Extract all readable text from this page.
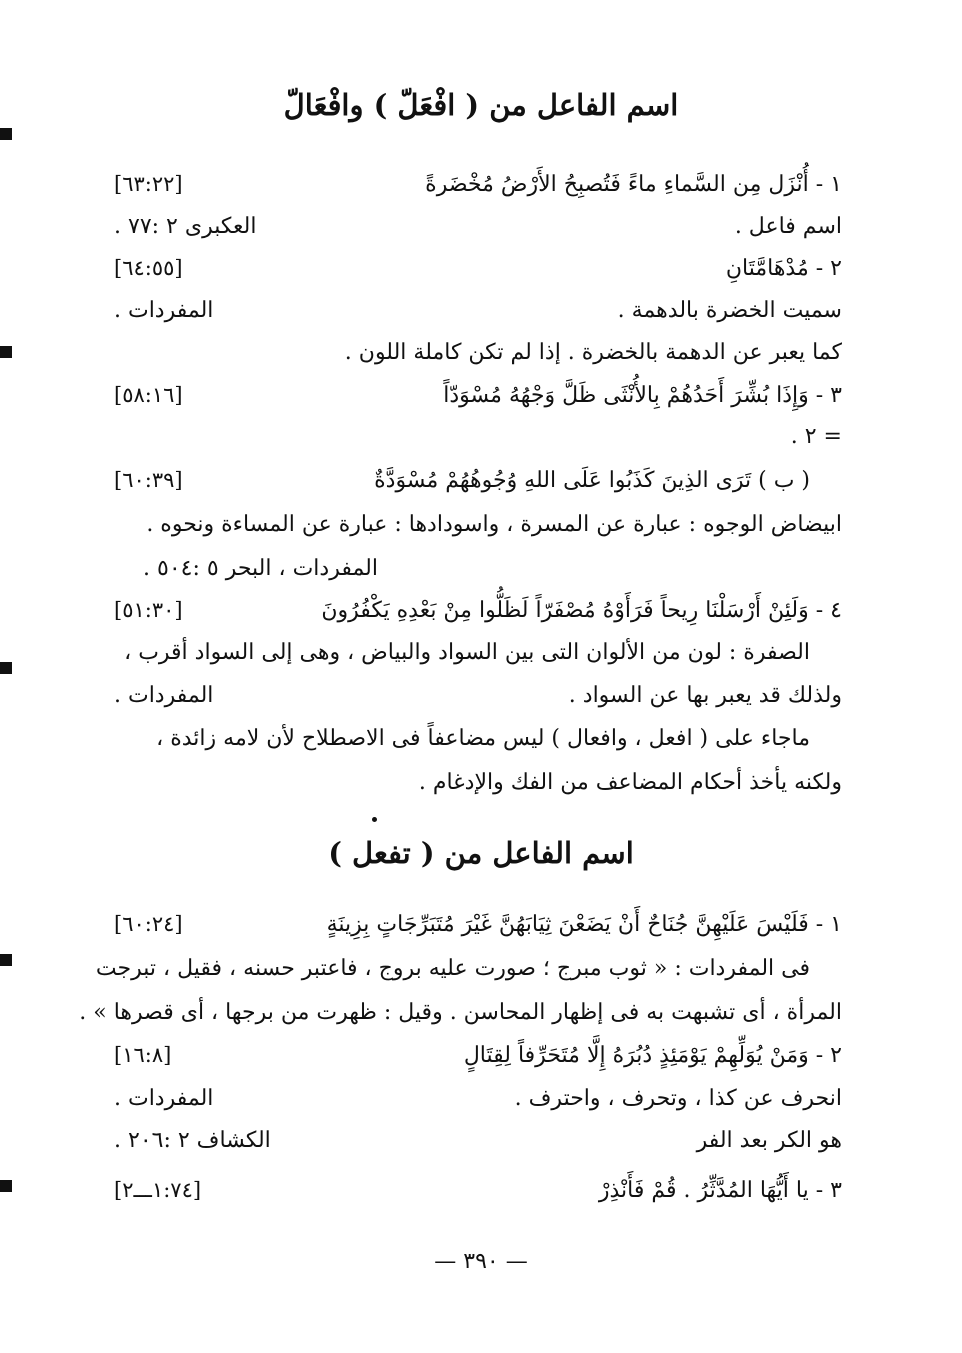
اسم الفاعل من ( افْعَلّ ) وافْعَالّ
١ - أُنْزَل مِن السَّماءِ ماءً فَتُصبِحُ الأَرْضُ مُخْضَرةً
[٦٣:٢٢]
اسم فاعل .
العكبرى ٢ :٧٧ .
٢ - مُدْهَامَّتَانِ
[٦٤:٥٥]
سميت الخضرة بالدهمة .
المفردات .
كما يعبر عن الدهمة بالخضرة . إذا لم تكن كاملة اللون .
٣ - وَإِذَا بُشِّرَ أَحَدُهُمْ بِالأُنْثَى ظَلَّ وَجْهُهُ مُسْوَدّاً
[٥٨:١٦]
= ٢ .
( ب ) تَرَى الذِينَ كَذَبُوا عَلَى اللهِ وُجُوهُهُمْ مُسْوَدَّةٌ
[٦٠:٣٩]
ابيضاض الوجوه : عبارة عن المسرة ، واسودادها : عبارة عن المساءة ونحوه .
المفردات ، البحر ٥ :٥٠٤ .
٤ - وَلَئِنْ أَرْسَلْنَا رِيحاً فَرَأَوْهُ مُصْفَرّاً لَظَلُّوا مِنْ بَعْدِهِ يَكْفُرُونَ
[٥١:٣٠]
الصفرة : لون من الألوان التى بين السواد والبياض ، وهى إلى السواد أقرب ،
ولذلك قد يعبر بها عن السواد .
المفردات .
ماجاء على ( افعل ، وافعال ) ليس مضاعفاً فى الاصطلاح لأن لامه زائدة ،
ولكنه يأخذ أحكام المضاعف من الفك والإدغام .
اسم الفاعل من ( تفعل )
١ - فَلَيْسَ عَلَيْهِنَّ جُنَاحٌ أَنْ يَضَعْنَ ثِيَابَهُنَّ غَيْرَ مُتَبَرِّجَاتٍ بِزِينَةٍ
[٦٠:٢٤]
فى المفردات : « ثوب مبرج ؛ صورت عليه بروج ، فاعتبر حسنه ، فقيل ، تبرجت
المرأة ، أى تشبهت به فى إظهار المحاسن . وقيل : ظهرت من برجها ، أى قصرها » .
٢ - وَمَنْ يُوَلِّهِمْ يَوْمَئِذٍ دُبُرَهُ إِلَّا مُتَحَرِّفاً لِقِتَالٍ
[١٦:٨]
انحرف عن كذا ، وتحرف ، واحترف .
المفردات .
هو الكر بعد الفر
الكشاف ٢ :٢٠٦ .
٣ - يا أَيُّهَا المُدَّثِّرُ . قُمْ فَأَنْذِرْ
[١:٧٤ـــ٢]
— ٣٩٠ —
